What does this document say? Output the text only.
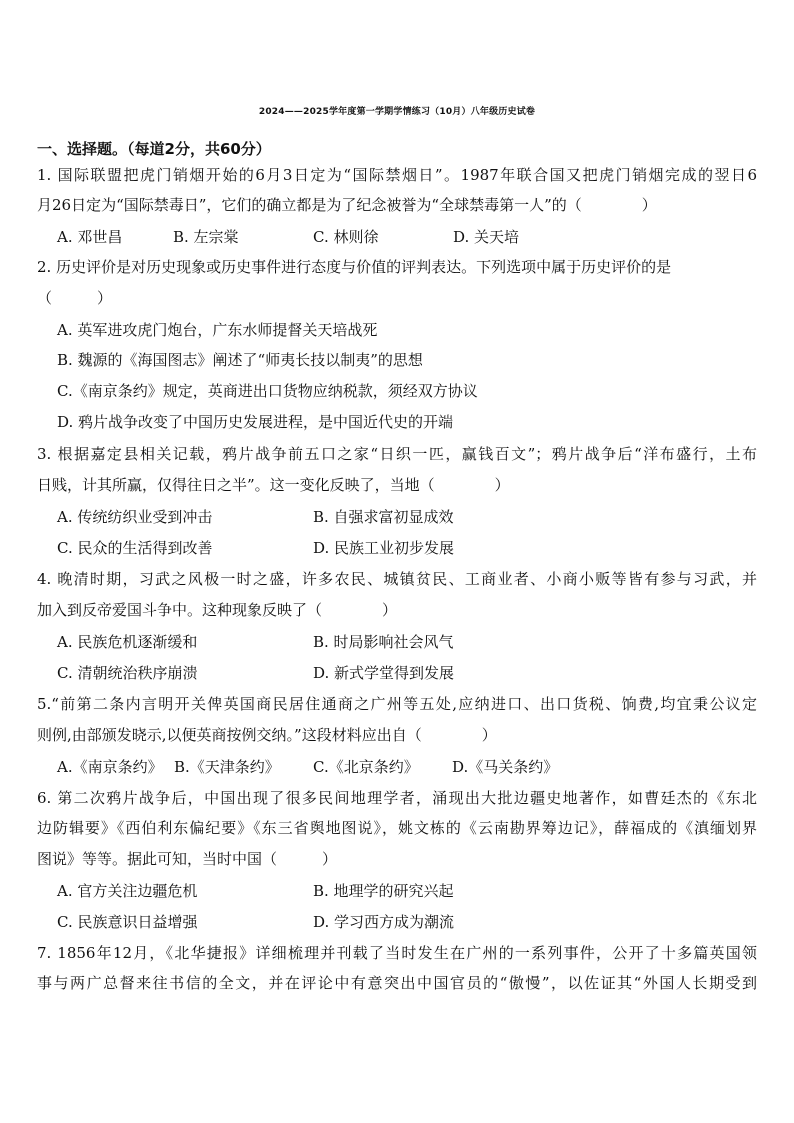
2024——2025学年度第一学期学情练习（10月）八年级历史试卷
一、选择题。（每道2分，共60分）
1. 国际联盟把虎门销烟开始的6月3日定为“国际禁烟日”。1987年联合国又把虎门销烟完成的翌日6
月26日定为“国际禁毒日”，它们的确立都是为了纪念被誉为“全球禁毒第一人”的（　　　　）
A. 邓世昌	B. 左宗棠	C. 林则徐	D. 关天培
2. 历史评价是对历史现象或历史事件进行态度与价值的评判表达。下列选项中属于历史评价的是
（　　　）
A. 英军进攻虎门炮台，广东水师提督关天培战死
B. 魏源的《海国图志》阐述了“师夷长技以制夷”的思想
C.《南京条约》规定，英商进出口货物应纳税款，须经双方协议
D. 鸦片战争改变了中国历史发展进程，是中国近代史的开端
3. 根据嘉定县相关记载，鸦片战争前五口之家“日织一匹，赢钱百文”；鸦片战争后“洋布盛行，土布
日贱，计其所赢，仅得往日之半”。这一变化反映了，当地（　　　　）
A. 传统纺织业受到冲击	B. 自强求富初显成效
C. 民众的生活得到改善	D. 民族工业初步发展
4. 晚清时期，习武之风极一时之盛，许多农民、城镇贫民、工商业者、小商小贩等皆有参与习武，并
加入到反帝爱国斗争中。这种现象反映了（　　　　）
A. 民族危机逐渐缓和	B. 时局影响社会风气
C. 清朝统治秩序崩溃	D. 新式学堂得到发展
5.“前第二条内言明开关俾英国商民居住通商之广州等五处,应纳进口、出口货税、饷费,均宜秉公议定
则例,由部颁发晓示,以便英商按例交纳。”这段材料应出自（　　　　）
A.《南京条约》 B.《天津条约》 C.《北京条约》 D.《马关条约》
6. 第二次鸦片战争后，中国出现了很多民间地理学者，涌现出大批边疆史地著作，如曹廷杰的《东北
边防辑要》《西伯利东偏纪要》《东三省舆地图说》，姚文栋的《云南勘界筹边记》，薛福成的《滇缅划界
图说》等等。据此可知，当时中国（　　　）
A. 官方关注边疆危机	B. 地理学的研究兴起
C. 民族意识日益增强	D. 学习西方成为潮流
7. 1856年12月，《北华捷报》详细梳理并刊载了当时发生在广州的一系列事件，公开了十多篇英国领
事与两广总督来往书信的全文，并在评论中有意突出中国官员的“傲慢”，以佐证其“外国人长期受到
